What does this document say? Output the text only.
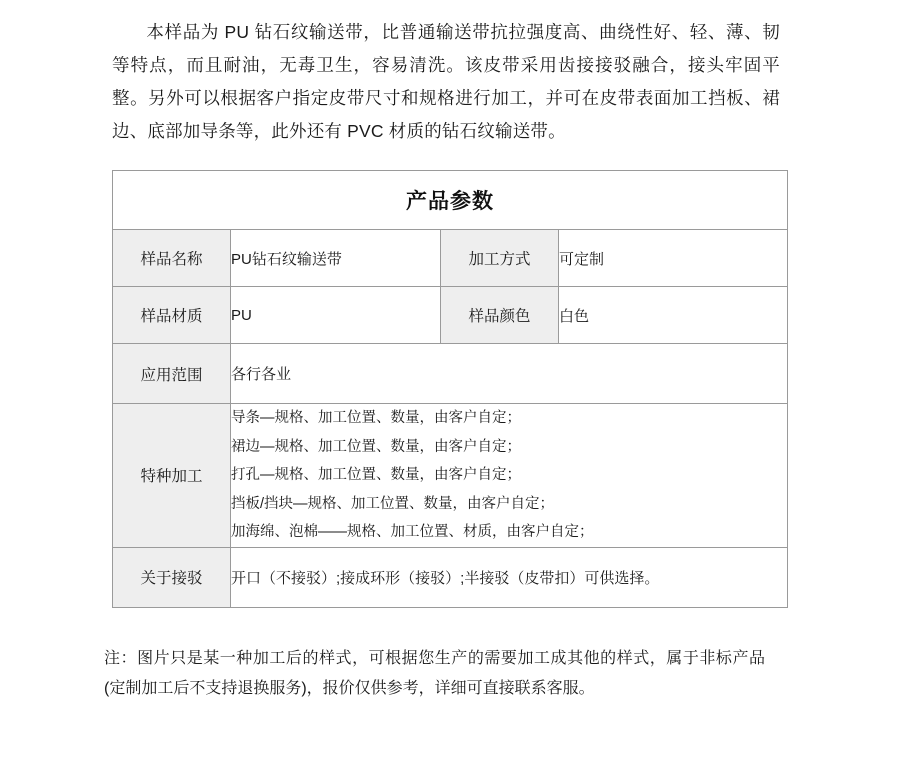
本样品为 PU 钻石纹输送带，比普通输送带抗拉强度高、曲绕性好、轻、薄、韧等特点，而且耐油，无毒卫生，容易清洗。该皮带采用齿接接驳融合，接头牢固平整。另外可以根据客户指定皮带尺寸和规格进行加工，并可在皮带表面加工挡板、裙边、底部加导条等，此外还有 PVC 材质的钻石纹输送带。

产品参数			
样品名称	PU钻石纹输送带	加工方式	可定制
样品材质	PU	样品颜色	白色
应用范围	各行各业		
特种加工	导条—规格、加工位置、数量，由客户自定；
裙边—规格、加工位置、数量，由客户自定；
打孔—规格、加工位置、数量，由客户自定；
挡板/挡块—规格、加工位置、数量，由客户自定；
加海绵、泡棉——规格、加工位置、材质，由客户自定；		

关于接驳	开口（不接驳）;接成环形（接驳）;半接驳（皮带扣）可供选择。		

注：图片只是某一种加工后的样式，可根据您生产的需要加工成其他的样式，属于非标产品(定制加工后不支持退换服务)，报价仅供参考，详细可直接联系客服。
